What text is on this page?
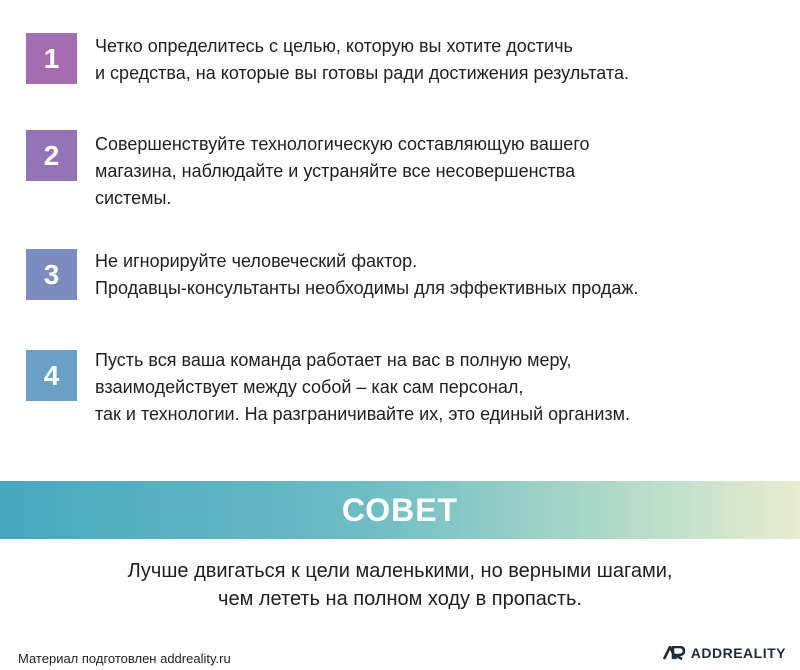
1	Четко определитесь с целью, которую вы хотите достичь
и средства, на которые вы готовы ради достижения результата.
2	Совершенствуйте технологическую составляющую вашего
магазина, наблюдайте и устраняйте все несовершенства
системы.
3	Не игнорируйте человеческий фактор.
Продавцы-консультанты необходимы для эффективных продаж.
4	Пусть вся ваша команда работает на вас в полную меру,
взаимодействует между собой – как сам персонал,
так и технологии. На разграничивайте их, это единый организм.
СОВЕТ
Лучше двигаться к цели маленькими, но верными шагами,
чем лететь на полном ходу в пропасть.
Материал подготовлен addreality.ru	ADDREALITY
